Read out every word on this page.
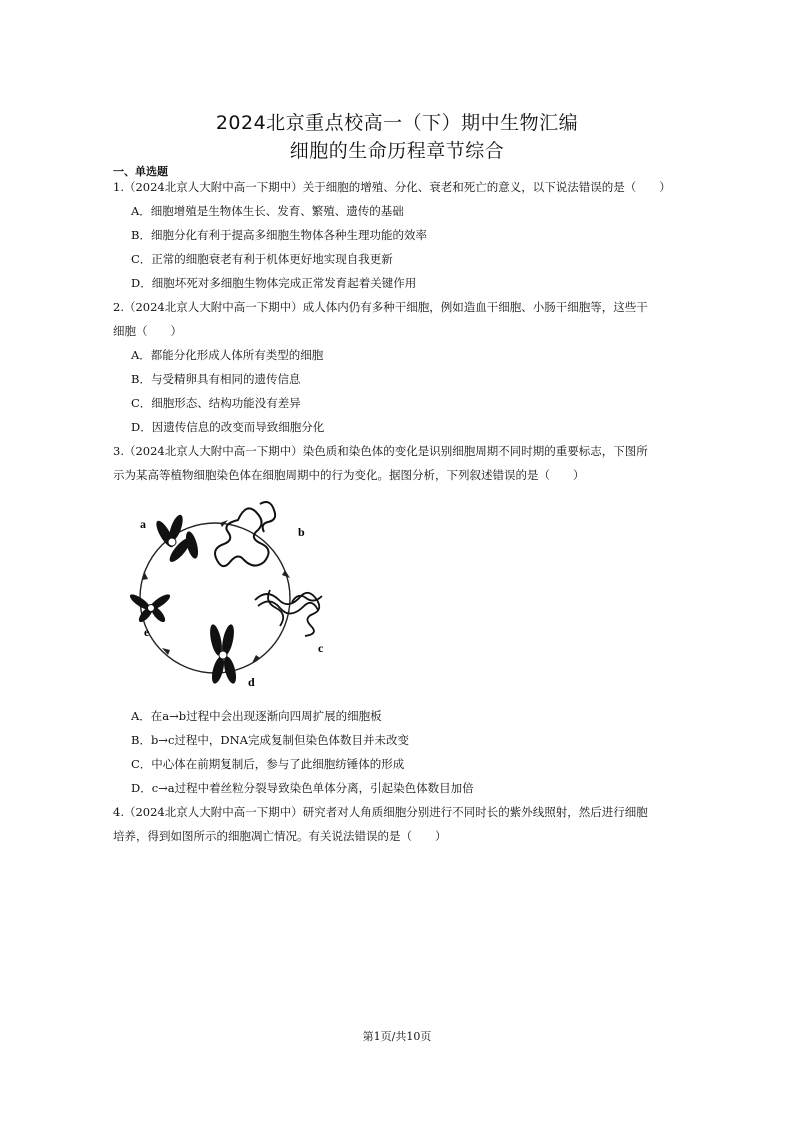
2024北京重点校高一（下）期中生物汇编
细胞的生命历程章节综合
一、单选题
1.（2024北京人大附中高一下期中）关于细胞的增殖、分化、衰老和死亡的意义，以下说法错误的是（　　）
A．细胞增殖是生物体生长、发育、繁殖、遗传的基础
B．细胞分化有利于提高多细胞生物体各种生理功能的效率
C．正常的细胞衰老有利于机体更好地实现自我更新
D．细胞坏死对多细胞生物体完成正常发育起着关键作用
2.（2024北京人大附中高一下期中）成人体内仍有多种干细胞，例如造血干细胞、小肠干细胞等，这些干
细胞（　　）
A．都能分化形成人体所有类型的细胞
B．与受精卵具有相同的遗传信息
C．细胞形态、结构功能没有差异
D．因遗传信息的改变而导致细胞分化
3.（2024北京人大附中高一下期中）染色质和染色体的变化是识别细胞周期不同时期的重要标志，下图所
示为某高等植物细胞染色体在细胞周期中的行为变化。据图分析，下列叙述错误的是（　　）
a
b
c
d
e
A．在a→b过程中会出现逐渐向四周扩展的细胞板
B．b→c过程中，DNA完成复制但染色体数目并未改变
C．中心体在前期复制后，参与了此细胞纺锤体的形成
D．c→a过程中着丝粒分裂导致染色单体分离，引起染色体数目加倍
4.（2024北京人大附中高一下期中）研究者对人角质细胞分别进行不同时长的紫外线照射，然后进行细胞
培养，得到如图所示的细胞凋亡情况。有关说法错误的是（　　）
第1页/共10页
